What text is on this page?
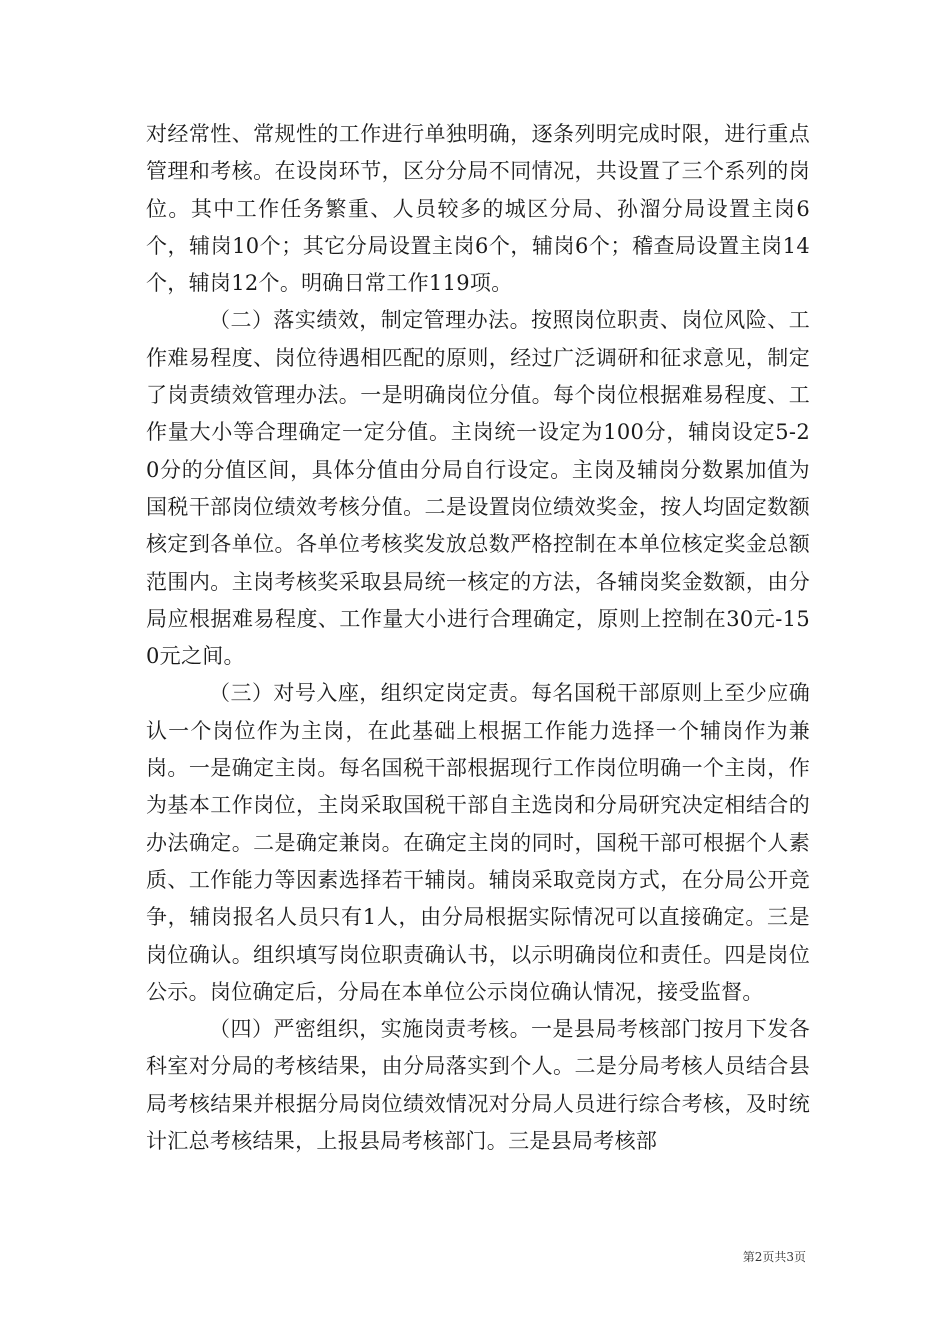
对经常性、常规性的工作进行单独明确，逐条列明完成时限，进行重点管理和考核。在设岗环节，区分分局不同情况，共设置了三个系列的岗位。其中工作任务繁重、人员较多的城区分局、孙溜分局设置主岗6个，辅岗10个；其它分局设置主岗6个，辅岗6个；稽查局设置主岗14个，辅岗12个。明确日常工作119项。

（二）落实绩效，制定管理办法。按照岗位职责、岗位风险、工作难易程度、岗位待遇相匹配的原则，经过广泛调研和征求意见，制定了岗责绩效管理办法。一是明确岗位分值。每个岗位根据难易程度、工作量大小等合理确定一定分值。主岗统一设定为100分，辅岗设定5-20分的分值区间，具体分值由分局自行设定。主岗及辅岗分数累加值为国税干部岗位绩效考核分值。二是设置岗位绩效奖金，按人均固定数额核定到各单位。各单位考核奖发放总数严格控制在本单位核定奖金总额范围内。主岗考核奖采取县局统一核定的方法，各辅岗奖金数额，由分局应根据难易程度、工作量大小进行合理确定，原则上控制在30元-150元之间。

（三）对号入座，组织定岗定责。每名国税干部原则上至少应确认一个岗位作为主岗，在此基础上根据工作能力选择一个辅岗作为兼岗。一是确定主岗。每名国税干部根据现行工作岗位明确一个主岗，作为基本工作岗位，主岗采取国税干部自主选岗和分局研究决定相结合的办法确定。二是确定兼岗。在确定主岗的同时，国税干部可根据个人素质、工作能力等因素选择若干辅岗。辅岗采取竞岗方式，在分局公开竞争，辅岗报名人员只有1人，由分局根据实际情况可以直接确定。三是岗位确认。组织填写岗位职责确认书，以示明确岗位和责任。四是岗位公示。岗位确定后，分局在本单位公示岗位确认情况，接受监督。

（四）严密组织，实施岗责考核。一是县局考核部门按月下发各科室对分局的考核结果，由分局落实到个人。二是分局考核人员结合县局考核结果并根据分局岗位绩效情况对分局人员进行综合考核，及时统计汇总考核结果，上报县局考核部门。三是县局考核部

第2页共3页
